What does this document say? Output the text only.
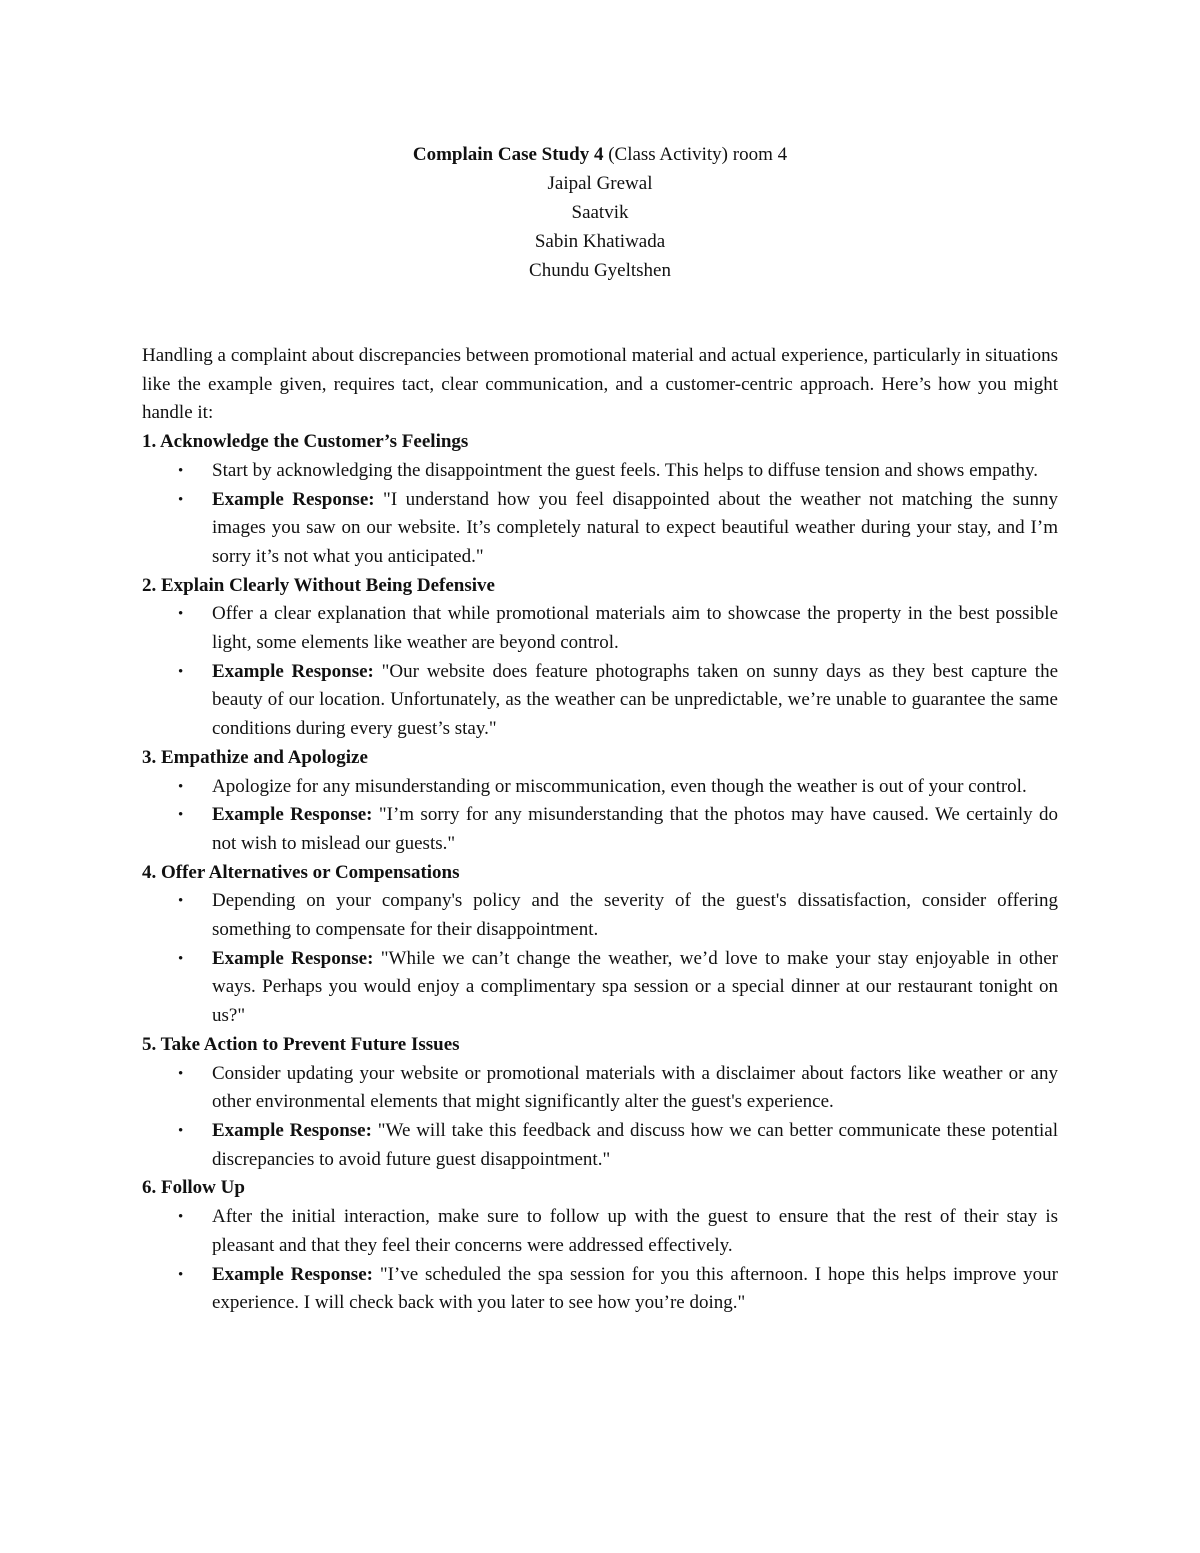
Complain Case Study 4 (Class Activity) room 4
Jaipal Grewal
Saatvik
Sabin Khatiwada
Chundu Gyeltshen
Handling a complaint about discrepancies between promotional material and actual experience, particularly in situations like the example given, requires tact, clear communication, and a customer-centric approach. Here’s how you might handle it:
1. Acknowledge the Customer’s Feelings
• Start by acknowledging the disappointment the guest feels. This helps to diffuse tension and shows empathy.
• Example Response: "I understand how you feel disappointed about the weather not matching the sunny images you saw on our website. It’s completely natural to expect beautiful weather during your stay, and I’m sorry it’s not what you anticipated."
2. Explain Clearly Without Being Defensive
• Offer a clear explanation that while promotional materials aim to showcase the property in the best possible light, some elements like weather are beyond control.
• Example Response: "Our website does feature photographs taken on sunny days as they best capture the beauty of our location. Unfortunately, as the weather can be unpredictable, we’re unable to guarantee the same conditions during every guest’s stay."
3. Empathize and Apologize
• Apologize for any misunderstanding or miscommunication, even though the weather is out of your control.
• Example Response: "I’m sorry for any misunderstanding that the photos may have caused. We certainly do not wish to mislead our guests."
4. Offer Alternatives or Compensations
• Depending on your company's policy and the severity of the guest's dissatisfaction, consider offering something to compensate for their disappointment.
• Example Response: "While we can’t change the weather, we’d love to make your stay enjoyable in other ways. Perhaps you would enjoy a complimentary spa session or a special dinner at our restaurant tonight on us?"
5. Take Action to Prevent Future Issues
• Consider updating your website or promotional materials with a disclaimer about factors like weather or any other environmental elements that might significantly alter the guest's experience.
• Example Response: "We will take this feedback and discuss how we can better communicate these potential discrepancies to avoid future guest disappointment."
6. Follow Up
• After the initial interaction, make sure to follow up with the guest to ensure that the rest of their stay is pleasant and that they feel their concerns were addressed effectively.
• Example Response: "I’ve scheduled the spa session for you this afternoon. I hope this helps improve your experience. I will check back with you later to see how you’re doing."
